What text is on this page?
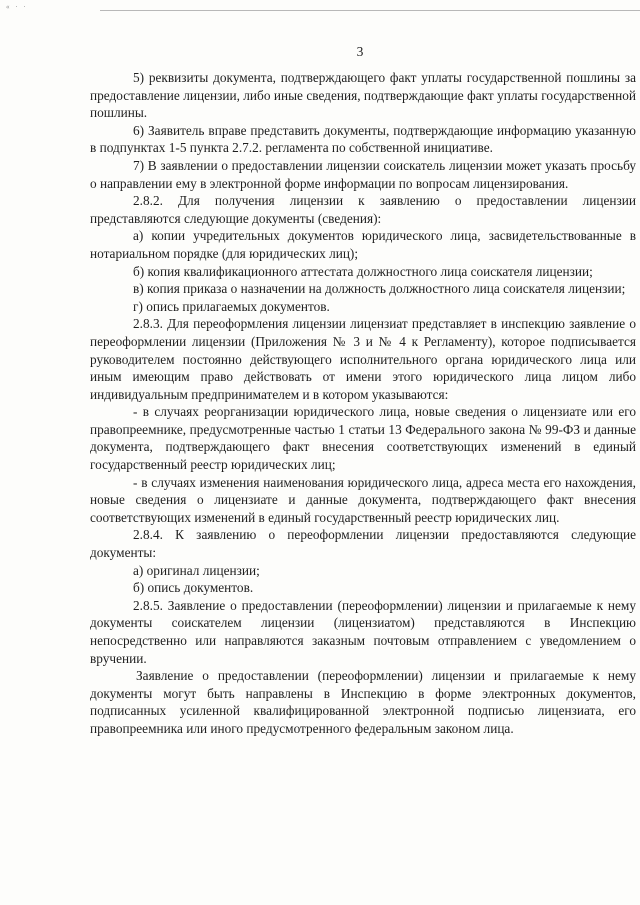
« · ·
3

5) реквизиты документа, подтверждающего факт уплаты государственной пошлины за предоставление лицензии, либо иные сведения, подтверждающие факт уплаты государственной пошлины.

6) Заявитель вправе представить документы, подтверждающие информацию указанную в подпунктах 1-5 пункта 2.7.2. регламента по собственной инициативе.

7) В заявлении о предоставлении лицензии соискатель лицензии может указать просьбу о направлении ему в электронной форме информации по вопросам лицензирования.

2.8.2. Для получения лицензии к заявлению о предоставлении лицензии представляются следующие документы (сведения):

а) копии учредительных документов юридического лица, засвидетельствованные в нотариальном порядке (для юридических лиц);

б) копия квалификационного аттестата должностного лица соискателя лицензии;

в) копия приказа о назначении на должность должностного лица соискателя лицензии;

г) опись прилагаемых документов.

2.8.3. Для переоформления лицензии лицензиат представляет в инспекцию заявление о переоформлении лицензии (Приложения № 3 и № 4 к Регламенту), которое подписывается руководителем постоянно действующего исполнительного органа юридического лица или иным имеющим право действовать от имени этого юридического лица лицом либо индивидуальным предпринимателем и в котором указываются:

- в случаях реорганизации юридического лица, новые сведения о лицензиате или его правопреемнике, предусмотренные частью 1 статьи 13 Федерального закона № 99-ФЗ и данные документа, подтверждающего факт внесения соответствующих изменений в единый государственный реестр юридических лиц;

- в случаях изменения наименования юридического лица, адреса места его нахождения, новые сведения о лицензиате и данные документа, подтверждающего факт внесения соответствующих изменений в единый государственный реестр юридических лиц.

2.8.4. К заявлению о переоформлении лицензии предоставляются следующие документы:

а) оригинал лицензии;

б) опись документов.

2.8.5. Заявление о предоставлении (переоформлении) лицензии и прилагаемые к нему документы соискателем лицензии (лицензиатом) представляются в Инспекцию непосредственно или направляются заказным почтовым отправлением с уведомлением о вручении.

Заявление о предоставлении (переоформлении) лицензии и прилагаемые к нему документы могут быть направлены в Инспекцию в форме электронных документов, подписанных усиленной квалифицированной электронной подписью лицензиата, его правопреемника или иного предусмотренного федеральным законом лица.
